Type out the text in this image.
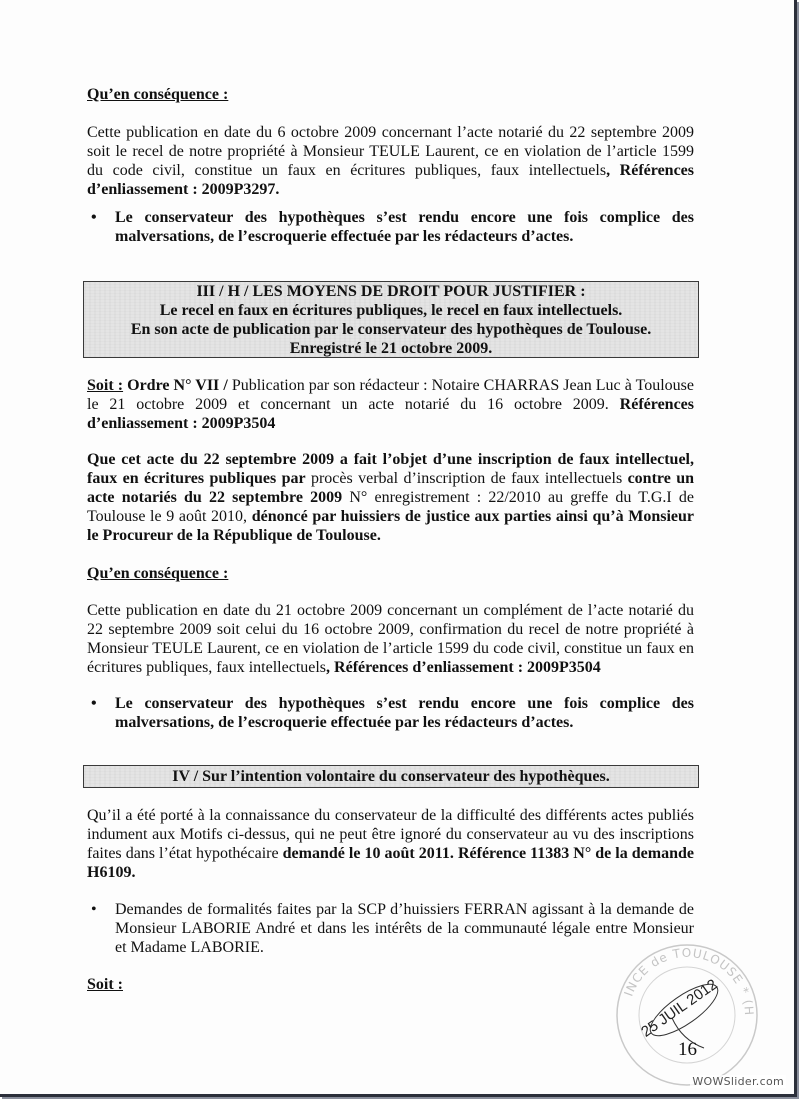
Qu’en conséquence :

Cette publication en date du 6 octobre 2009 concernant l’acte notarié du 22 septembre 2009 soit le recel de notre propriété à Monsieur TEULE Laurent, ce en violation de l’article 1599 du code civil, constitue un faux en écritures publiques, faux intellectuels, Références d’enliassement : 2009P3297.

• Le conservateur des hypothèques s’est rendu encore une fois complice des malversations, de l’escroquerie effectuée par les rédacteurs d’actes.
III / H / LES MOYENS DE DROIT POUR JUSTIFIER :
Le recel en faux en écritures publiques, le recel en faux intellectuels.
En son acte de publication par le conservateur des hypothèques de Toulouse.
Enregistré le 21 octobre 2009.

Soit : Ordre N° VII / Publication par son rédacteur : Notaire CHARRAS Jean Luc à Toulouse le 21 octobre 2009 et concernant un acte notarié du 16 octobre 2009. Références d’enliassement : 2009P3504

Que cet acte du 22 septembre 2009 a fait l’objet d’une inscription de faux intellectuel, faux en écritures publiques par procès verbal d’inscription de faux intellectuels contre un acte notariés du 22 septembre 2009 N° enregistrement : 22/2010 au greffe du T.G.I de Toulouse le 9 août 2010, dénoncé par huissiers de justice aux parties ainsi qu’à Monsieur le Procureur de la République de Toulouse.

Qu’en conséquence :

Cette publication en date du 21 octobre 2009 concernant un complément de l’acte notarié du 22 septembre 2009 soit celui du 16 octobre 2009, confirmation du recel de notre propriété à Monsieur TEULE Laurent, ce en violation de l’article 1599 du code civil, constitue un faux en écritures publiques, faux intellectuels, Références d’enliassement : 2009P3504

• Le conservateur des hypothèques s’est rendu encore une fois complice des malversations, de l’escroquerie effectuée par les rédacteurs d’actes.
IV / Sur l’intention volontaire du conservateur des hypothèques.

Qu’il a été porté à la connaissance du conservateur de la difficulté des différents actes publiés indument aux Motifs ci-dessus, qui ne peut être ignoré du conservateur au vu des inscriptions faites dans l’état hypothécaire demandé le 10 août 2011. Référence 11383 N° de la demande H6109.

• Demandes de formalités faites par la SCP d’huissiers FERRAN agissant à la demande de Monsieur LABORIE André et dans les intérêts de la communauté légale entre Monsieur et Madame LABORIE.
Soit :
INCE de TOULOUSE * (H
25 JUIL 2012
16
WOWSlider.com
